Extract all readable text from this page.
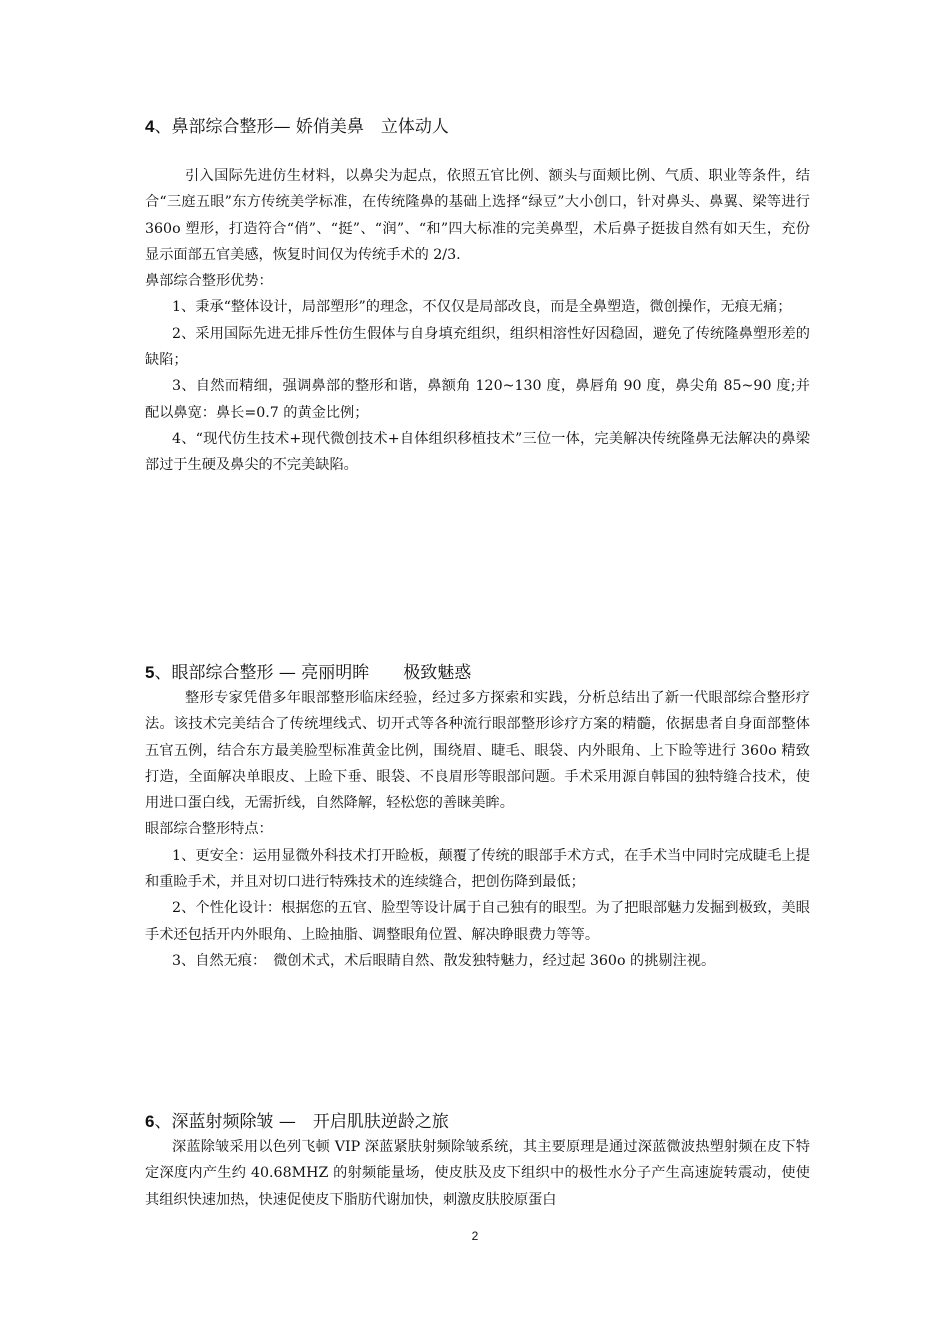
4、鼻部综合整形— 娇俏美鼻　立体动人

引入国际先进仿生材料，以鼻尖为起点，依照五官比例、额头与面颊比例、气质、职业等条件，结合“三庭五眼”东方传统美学标准，在传统隆鼻的基础上选择“绿豆”大小创口，针对鼻头、鼻翼、梁等进行 360o 塑形，打造符合“俏”、“挺”、“润”、“和”四大标准的完美鼻型，术后鼻子挺拔自然有如天生，充份显示面部五官美感，恢复时间仅为传统手术的 2/3.

鼻部综合整形优势：

1、秉承“整体设计，局部塑形”的理念，不仅仅是局部改良，而是全鼻塑造，微创操作，无痕无痛；

2、采用国际先进无排斥性仿生假体与自身填充组织，组织相溶性好因稳固，避免了传统隆鼻塑形差的缺陷；

3、自然而精细，强调鼻部的整形和谐，鼻额角 120~130 度，鼻唇角 90 度，鼻尖角 85~90 度;并配以鼻宽：鼻长=0.7 的黄金比例；

4、“现代仿生技术+现代微创技术+自体组织移植技术”三位一体，完美解决传统隆鼻无法解决的鼻梁部过于生硬及鼻尖的不完美缺陷。

5、眼部综合整形 — 亮丽明眸　　极致魅惑

整形专家凭借多年眼部整形临床经验，经过多方探索和实践，分析总结出了新一代眼部综合整形疗法。该技术完美结合了传统埋线式、切开式等各种流行眼部整形诊疗方案的精髓，依据患者自身面部整体五官五例，结合东方最美脸型标准黄金比例，围绕眉、睫毛、眼袋、内外眼角、上下睑等进行 360o 精致打造，全面解决单眼皮、上睑下垂、眼袋、不良眉形等眼部问题。手术采用源自韩国的独特缝合技术，使用进口蛋白线，无需折线，自然降解，轻松您的善睐美眸。

眼部综合整形特点：

1、更安全：运用显微外科技术打开睑板，颠覆了传统的眼部手术方式，在手术当中同时完成睫毛上提和重睑手术，并且对切口进行特殊技术的连续缝合，把创伤降到最低；

2、个性化设计：根据您的五官、脸型等设计属于自己独有的眼型。为了把眼部魅力发掘到极致，美眼手术还包括开内外眼角、上睑抽脂、调整眼角位置、解决睁眼费力等等。

3、自然无痕：　微创术式，术后眼睛自然、散发独特魅力，经过起 360o 的挑剔注视。

6、深蓝射频除皱 —　开启肌肤逆龄之旅

深蓝除皱采用以色列飞顿 VIP 深蓝紧肤射频除皱系统，其主要原理是通过深蓝微波热塑射频在皮下特定深度内产生约 40.68MHZ 的射频能量场，使皮肤及皮下组织中的极性水分子产生高速旋转震动，使使其组织快速加热，快速促使皮下脂肪代谢加快，刺激皮肤胶原蛋白

2
